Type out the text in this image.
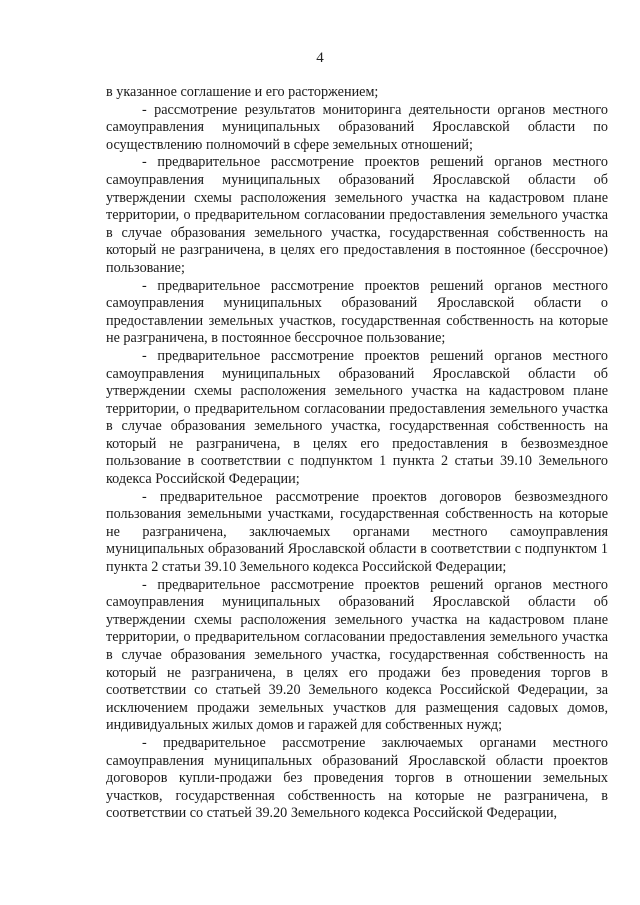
4

в указанное соглашение и его расторжением;

- рассмотрение результатов мониторинга деятельности органов местного самоуправления муниципальных образований Ярославской области по осуществлению полномочий в сфере земельных отношений;

- предварительное рассмотрение проектов решений органов местного самоуправления муниципальных образований Ярославской области об утверждении схемы расположения земельного участка на кадастровом плане территории, о предварительном согласовании предоставления земельного участка в случае образования земельного участка, государственная собственность на который не разграничена, в целях его предоставления в постоянное (бессрочное) пользование;

- предварительное рассмотрение проектов решений органов местного самоуправления муниципальных образований Ярославской области о предоставлении земельных участков, государственная собственность на которые не разграничена, в постоянное бессрочное пользование;

- предварительное рассмотрение проектов решений органов местного самоуправления муниципальных образований Ярославской области об утверждении схемы расположения земельного участка на кадастровом плане территории, о предварительном согласовании предоставления земельного участка в случае образования земельного участка, государственная собственность на который не разграничена, в целях его предоставления в безвозмездное пользование в соответствии с подпунктом 1 пункта 2 статьи 39.10 Земельного кодекса Российской Федерации;

- предварительное рассмотрение проектов договоров безвозмездного пользования земельными участками, государственная собственность на которые не разграничена, заключаемых органами местного самоуправления муниципальных образований Ярославской области в соответствии с подпунктом 1 пункта 2 статьи 39.10 Земельного кодекса Российской Федерации;

- предварительное рассмотрение проектов решений органов местного самоуправления муниципальных образований Ярославской области об утверждении схемы расположения земельного участка на кадастровом плане территории, о предварительном согласовании предоставления земельного участка в случае образования земельного участка, государственная собственность на который не разграничена, в целях его продажи без проведения торгов в соответствии со статьей 39.20 Земельного кодекса Российской Федерации, за исключением продажи земельных участков для размещения садовых домов, индивидуальных жилых домов и гаражей для собственных нужд;

- предварительное рассмотрение заключаемых органами местного самоуправления муниципальных образований Ярославской области проектов договоров купли-продажи без проведения торгов в отношении земельных участков, государственная собственность на которые не разграничена, в соответствии со статьей 39.20 Земельного кодекса Российской Федерации,
